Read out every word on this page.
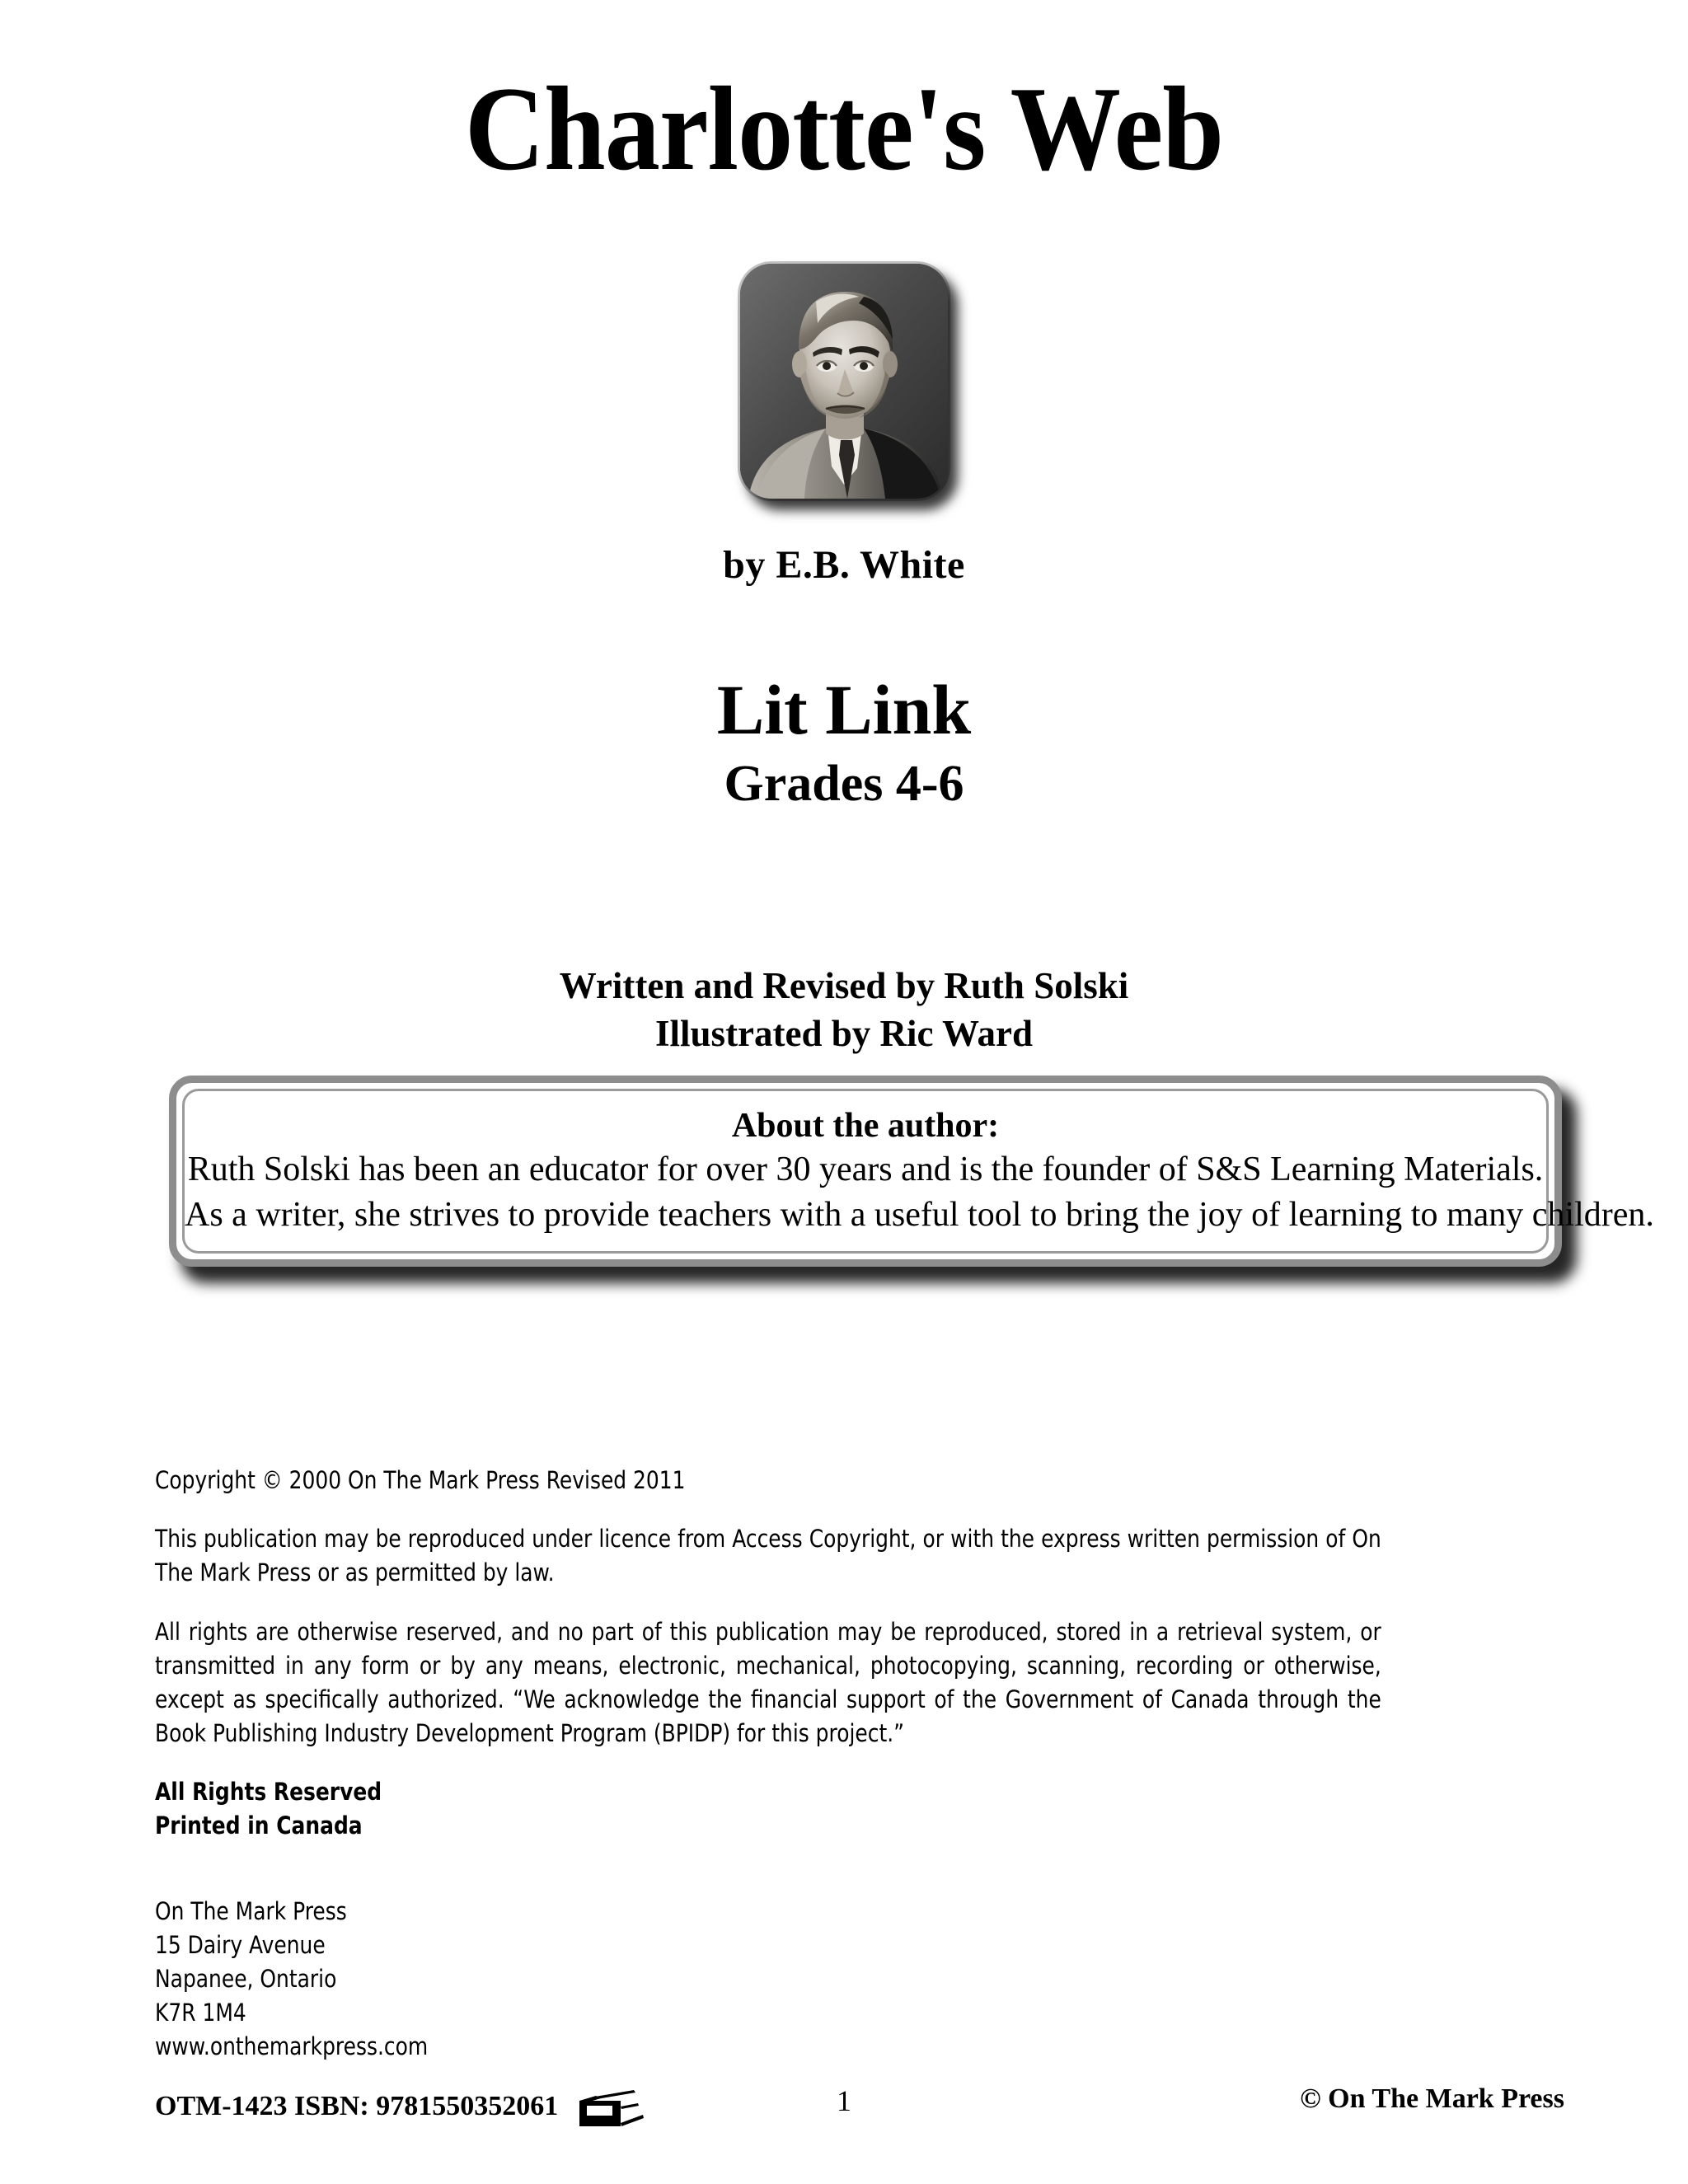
Charlotte's Web
by E.B. White
Lit Link
Grades 4-6
Written and Revised by Ruth Solski
Illustrated by Ric Ward
About the author:
Ruth Solski has been an educator for over 30 years and is the founder of S&S Learning Materials.
As a writer, she strives to provide teachers with a useful tool to bring the joy of learning to many children.

Copyright © 2000 On The Mark Press Revised 2011

This publication may be reproduced under licence from Access Copyright, or with the express written permission of On The Mark Press or as permitted by law.

All rights are otherwise reserved, and no part of this publication may be reproduced, stored in a retrieval system, or transmitted in any form or by any means, electronic, mechanical, photocopying, scanning, recording or otherwise, except as specifically authorized. “We acknowledge the financial support of the Government of Canada through the Book Publishing Industry Development Program (BPIDP) for this project.”

All Rights Reserved

Printed in Canada

On The Mark Press
15 Dairy Avenue
Napanee, Ontario
K7R 1M4
www.onthemarkpress.com
OTM-1423 ISBN: 9781550352061	1	© On The Mark Press
